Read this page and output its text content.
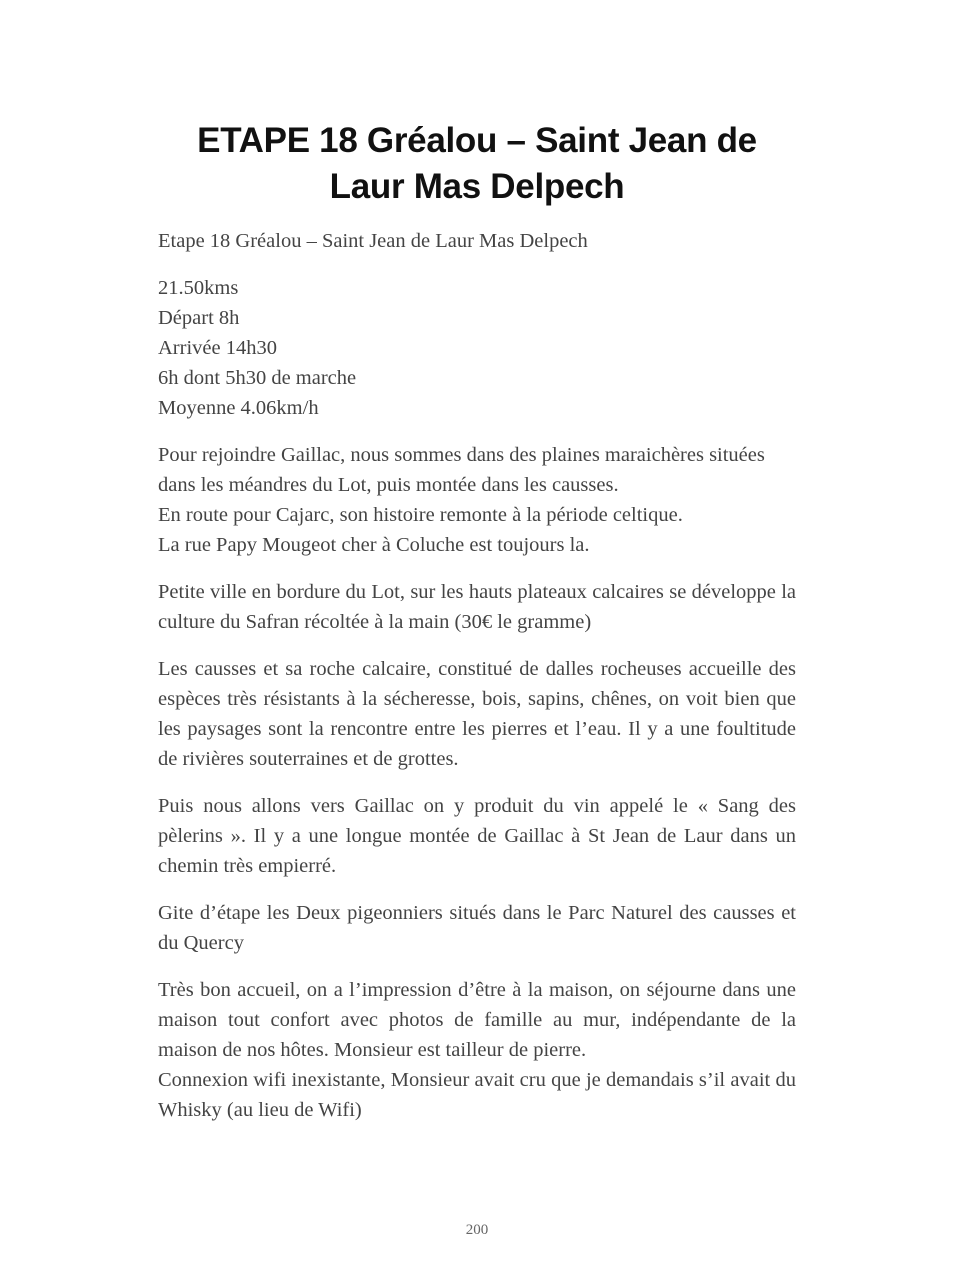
ETAPE 18 Gréalou – Saint Jean de Laur Mas Delpech

Etape 18 Gréalou – Saint Jean de Laur Mas Delpech

21.50kms
Départ 8h
Arrivée 14h30
6h dont 5h30 de marche
Moyenne 4.06km/h

Pour rejoindre Gaillac, nous sommes dans des plaines maraichères situées dans les méandres du Lot, puis montée dans les causses.
En route pour Cajarc, son histoire remonte à la période celtique.
La rue Papy Mougeot cher à Coluche est toujours la.

Petite ville en bordure du Lot, sur les hauts plateaux calcaires se développe la culture du Safran récoltée à la main (30€ le gramme)

Les causses et sa roche calcaire, constitué de dalles rocheuses accueille des espèces très résistants à la sécheresse, bois, sapins, chênes, on voit bien que les paysages sont la rencontre entre les pierres et l’eau. Il y a une foultitude de rivières souterraines et de grottes.

Puis nous allons vers Gaillac on y produit du vin appelé le « Sang des pèlerins ». Il y a une longue montée de Gaillac à St Jean de Laur dans un chemin très empierré.

Gite d’étape les Deux pigeonniers situés dans le Parc Naturel des causses et du Quercy

Très bon accueil, on a l’impression d’être à la maison, on séjourne dans une maison tout confort avec photos de famille au mur, indépendante de la maison de nos hôtes. Monsieur est tailleur de pierre.
Connexion wifi inexistante, Monsieur avait cru que je demandais s’il avait du Whisky (au lieu de Wifi)

200
